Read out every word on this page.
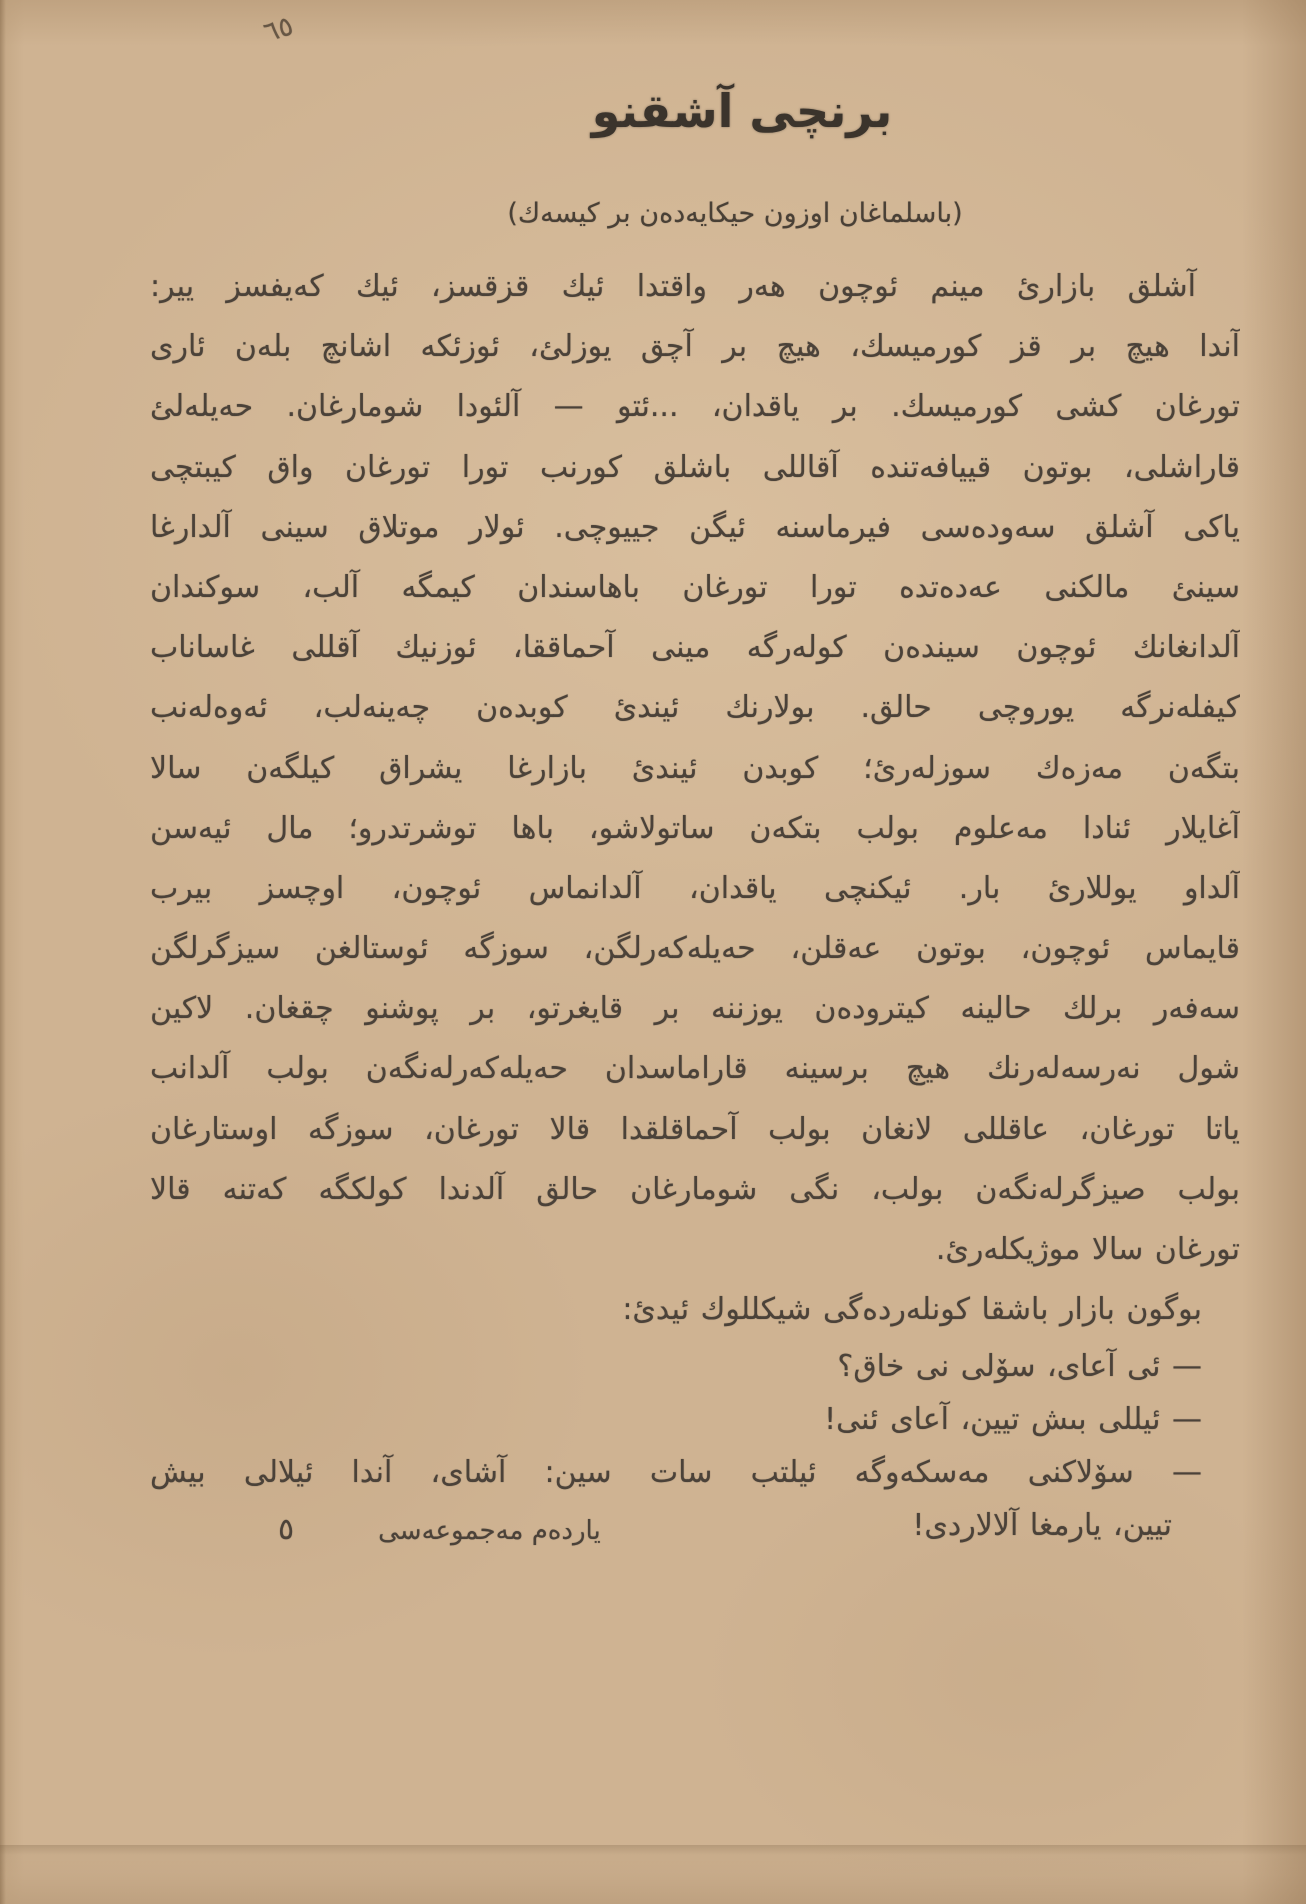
٦٥
برنچى آشقنو
(باسلماغان اوزون حيكايەدەن بر كيسەك)
آشلق بازارئ مينم ئوچون هەر واقتدا ئيك قزقسز، ئيك كەيفسز يير:
آندا هيچ بر قز كورميسك، هيچ بر آچق يوزلئ، ئوزئكە اشانچ بلەن ئارى
تورغان كشى كورميسك. بر ياقدان، ...ئتو — آلئودا شومارغان. حەيلەلئ
قاراشلى، بوتون قييافەتندە آقاللى باشلق كورنب تورا تورغان واق كيبتچى
ياكى آشلق سەودەسى فيرماسنە ئيگن جييوچى. ئولار موتلاق سينى آلدارغا
سينئ مالكنى عەدەتدە تورا تورغان باهاسندان كيمگە آلب، سوكندان
آلدانغانك ئوچون سيندەن كولەرگە مينى آحماققا، ئوزنيك آقللى غاساناب
كيفلەنرگە يوروچى حالق. بولارنك ئيندئ كوبدەن چەينەلب، ئەوەلەنب
بتگەن مەزەك سوزلەرئ؛ كوبدن ئيندئ بازارغا يشراق كيلگەن سالا
آغايلار ئنادا مەعلوم بولب بتكەن ساتولاشو، باها توشرتدرو؛ مال ئيەسن
آلداو يوللارئ بار. ئيكنچى ياقدان، آلدانماس ئوچون، اوچسز بيرب
قايماس ئوچون، بوتون عەقلن، حەيلەكەرلگن، سوزگە ئوستالغن سيزگرلگن
سەفەر برلك حالينە كيترودەن يوزننە بر قايغرتو، بر پوشنو چقغان. لاكين
شول نەرسەلەرنك هيچ برسينە قاراماسدان حەيلەكەرلەنگەن بولب آلدانب
ياتا تورغان، عاقللى لانغان بولب آحماقلقدا قالا تورغان، سوزگە اوستارغان
بولب صيزگرلەنگەن بولب، نگى شومارغان حالق آلدندا كولكگە كەتنە قالا
تورغان سالا موژيكلەرئ.
بوگون بازار باشقا كونلەردەگى شيكللوك ئيدئ:
— ئى آعاى، سۆلى نى خاق؟
— ئيللى بىش تيين، آعاى ئنى!
— سۆلاكنى مەسكەوگە ئيلتب سات سين: آشاى، آندا ئيلالى بيش
تيين، يارمغا آلالاردى!
٥	ياردەم مەجموعەسى
